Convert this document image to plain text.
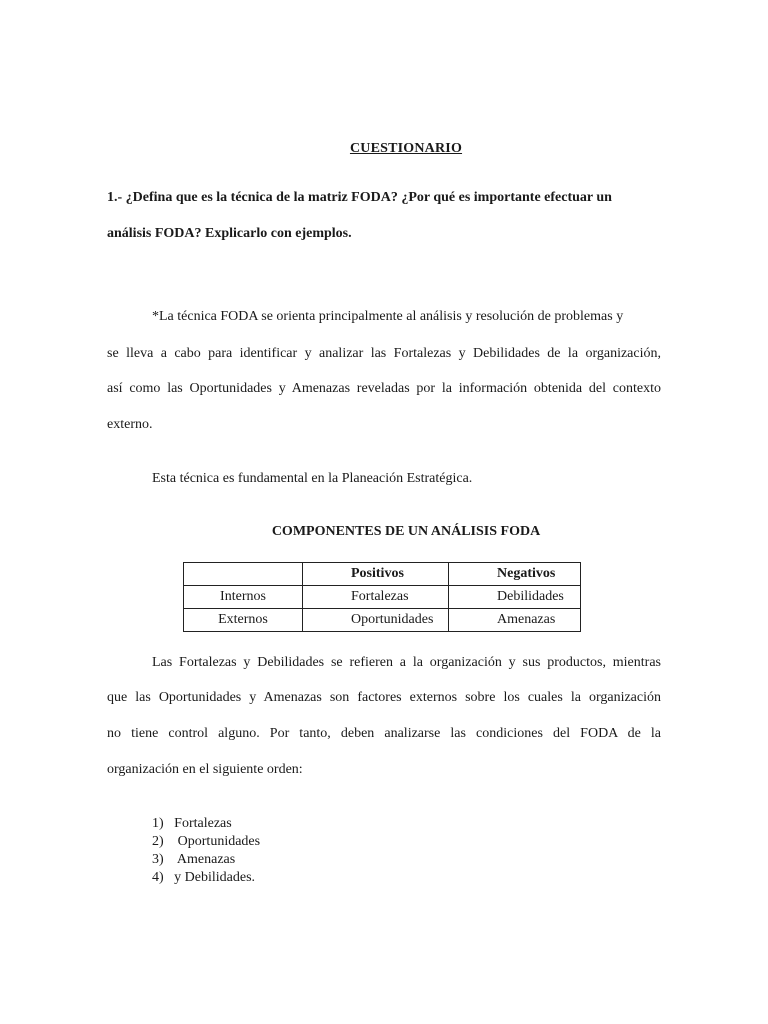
CUESTIONARIO
1.- ¿Defina que es la técnica de la matriz FODA? ¿Por qué es importante efectuar un
análisis FODA? Explicarlo con ejemplos.
*La técnica FODA se orienta principalmente al análisis y resolución de problemas y
se lleva a cabo para identificar y analizar las Fortalezas y Debilidades de la organización,
así como las Oportunidades y Amenazas reveladas por la información obtenida del contexto
externo.
Esta técnica es fundamental en la Planeación Estratégica.
COMPONENTES DE UN ANÁLISIS FODA
	Positivos	Negativos
Internos	Fortalezas	Debilidades
Externos	Oportunidades	Amenazas
Las Fortalezas y Debilidades se refieren a la organización y sus productos, mientras
que las Oportunidades y Amenazas son factores externos sobre los cuales la organización
no tiene control alguno. Por tanto, deben analizarse las condiciones del FODA de la
organización en el siguiente orden:
1)   Fortalezas
2)    Oportunidades
3)    Amenazas
4)   y Debilidades.
